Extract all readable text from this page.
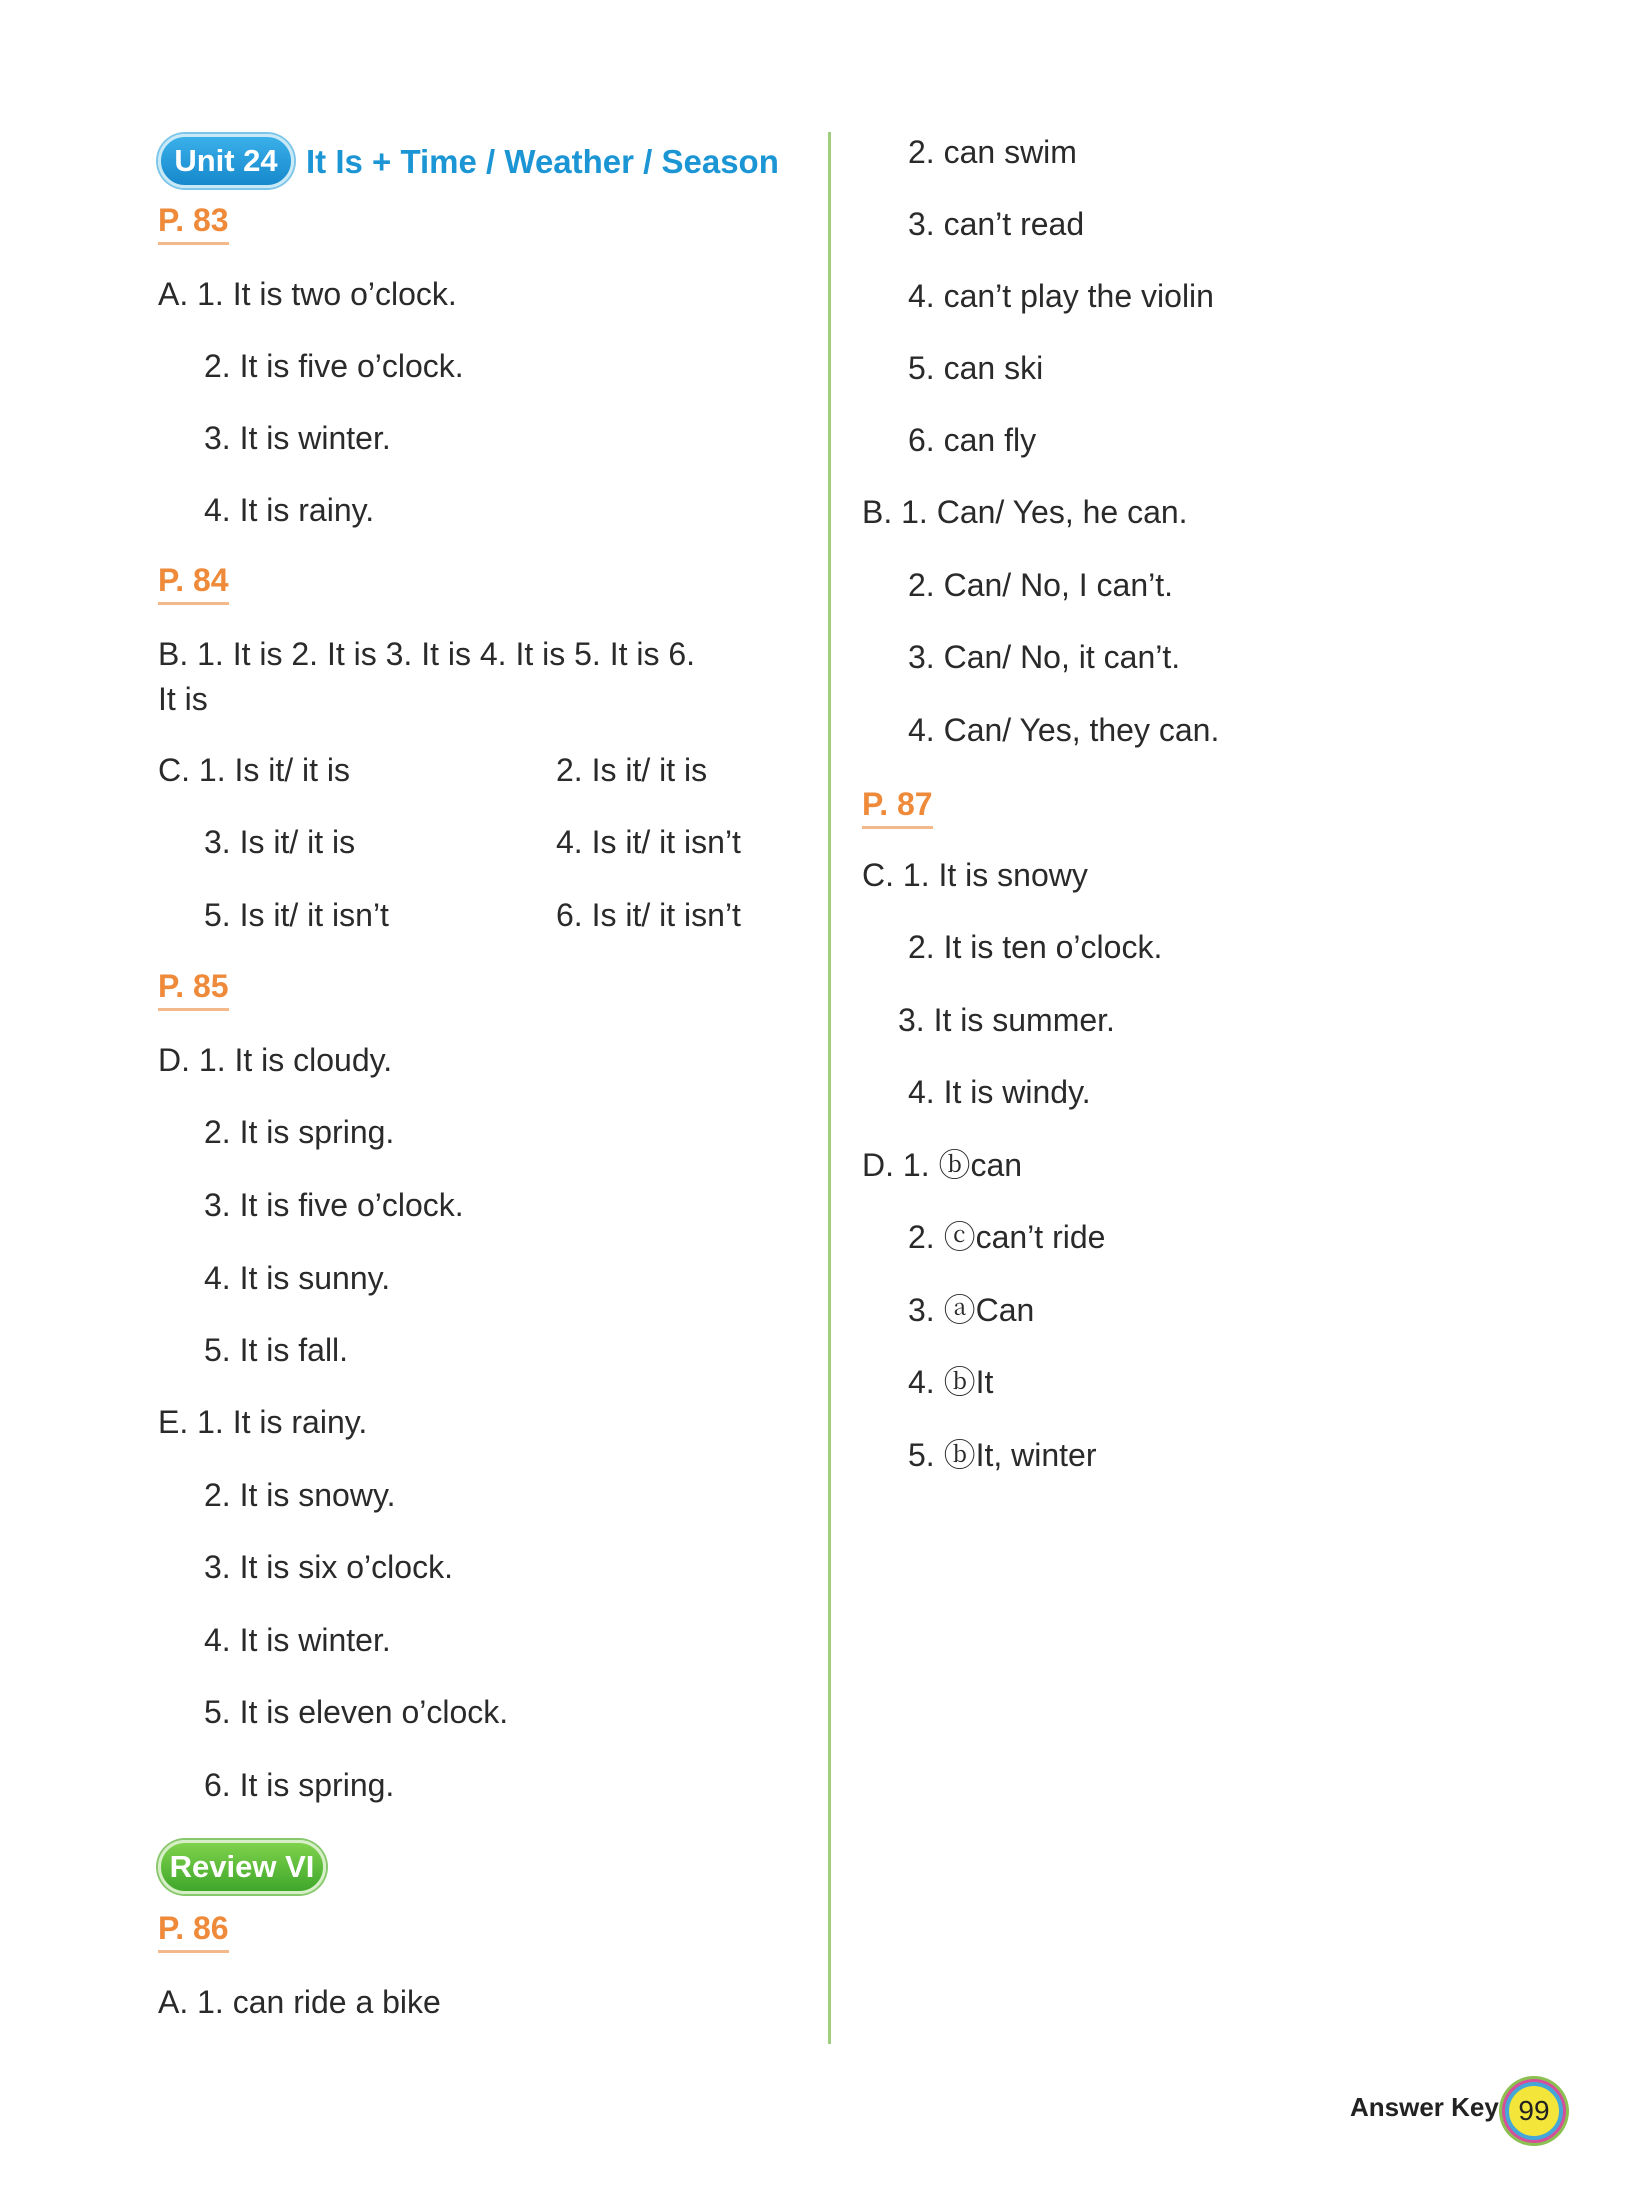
Unit 24 It Is + Time / Weather / Season
P. 83
A. 1. It is two o’clock.
2. It is five o’clock.
3. It is winter.
4. It is rainy.
P. 84
B. 1. It is 2. It is 3. It is 4. It is 5. It is 6.
It is
C. 1. Is it/ it is	2. Is it/ it is
3. Is it/ it is	4. Is it/ it isn’t
5. Is it/ it isn’t	6. Is it/ it isn’t
P. 85
D. 1. It is cloudy.
2. It is spring.
3. It is five o’clock.
4. It is sunny.
5. It is fall.
E. 1. It is rainy.
2. It is snowy.
3. It is six o’clock.
4. It is winter.
5. It is eleven o’clock.
6. It is spring.
Review VI
P. 86
A. 1. can ride a bike
2. can swim
3. can’t read
4. can’t play the violin
5. can ski
6. can fly
B. 1. Can/ Yes, he can.
2. Can/ No, I can’t.
3. Can/ No, it can’t.
4. Can/ Yes, they can.
P. 87
C. 1. It is snowy
2. It is ten o’clock.
3. It is summer.
4. It is windy.
D. 1. ⓑcan
2. ⓒcan’t ride
3. ⓐCan
4. ⓑIt
5. ⓑIt, winter
Answer Key 99
